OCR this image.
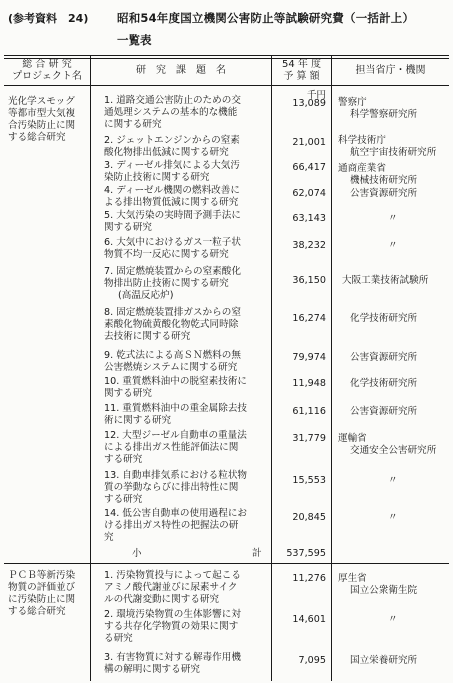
(参考資料　24) 昭和54年度国立機関公害防止等試験研究費（一括計上）
一覧表
総 合 研 究
プロジェクト名
研　究　課　題　名
54 年 度
予 算 額
担当省庁・機関
千円
光化学スモッグ
等都市型大気複
合汚染防止に関
する総合研究
1. 道路交通公害防止のための交
通処理システムの基本的な機能
に関する研究
13,089 警察庁
科学警察研究所
2. ジェットエンジンからの窒素
酸化物排出低減に関する研究
21,001 科学技術庁
航空宇宙技術研究所
3. ディーゼル排気による大気汚
染防止技術に関する研究
66,417 通商産業省
機械技術研究所
4. ディーゼル機関の燃料改善に
よる排出物質低減に関する研究
62,074	公害資源研究所
5. 大気汚染の実時間予測手法に
関する研究
63,143	〃
6. 大気中におけるガス一粒子状
物質不均一反応に関する研究
38,232	〃
7. 固定燃焼装置からの窒素酸化
物排出防止技術に関する研究
(高温反応炉)
36,150 大阪工業技術試験所
8. 固定燃焼装置排ガスからの窒
素酸化物硫黄酸化物乾式同時除
去技術に関する研究
16,274	化学技術研究所
9. 乾式法による高ＳＮ燃料の無
公害燃焼システムに関する研究
79,974	公害資源研究所
10. 重質燃料油中の脱窒素技術に
関する研究
11,948	化学技術研究所
11. 重質燃料油中の重金属除去技
術に関する研究
61,116	公害資源研究所
12. 大型ジーゼル自動車の重量法
による排出ガス性能評価法に関
する研究
31,779 運輸省
交通安全公害研究所
13. 自動車排気系における粒状物
質の挙動ならびに排出特性に関
する研究
15,553	〃
14. 低公害自動車の使用過程にお
ける排出ガス特性の把握法の研
究
20,845	〃
小	計	537,595
ＰＣＢ等新汚染
物質の評価並び
に汚染防止に関
する総合研究
1. 汚染物質投与によって起こる
アミノ酸代謝並びに尿素サイク
ルの代謝変動に関する研究
11,276 厚生省
国立公衆衛生院
2. 環境汚染物質の生体影響に対
する共存化学物質の効果に関す
る研究
14,601	〃
3. 有害物質に対する解毒作用機
構の解明に関する研究
7,095	国立栄養研究所
